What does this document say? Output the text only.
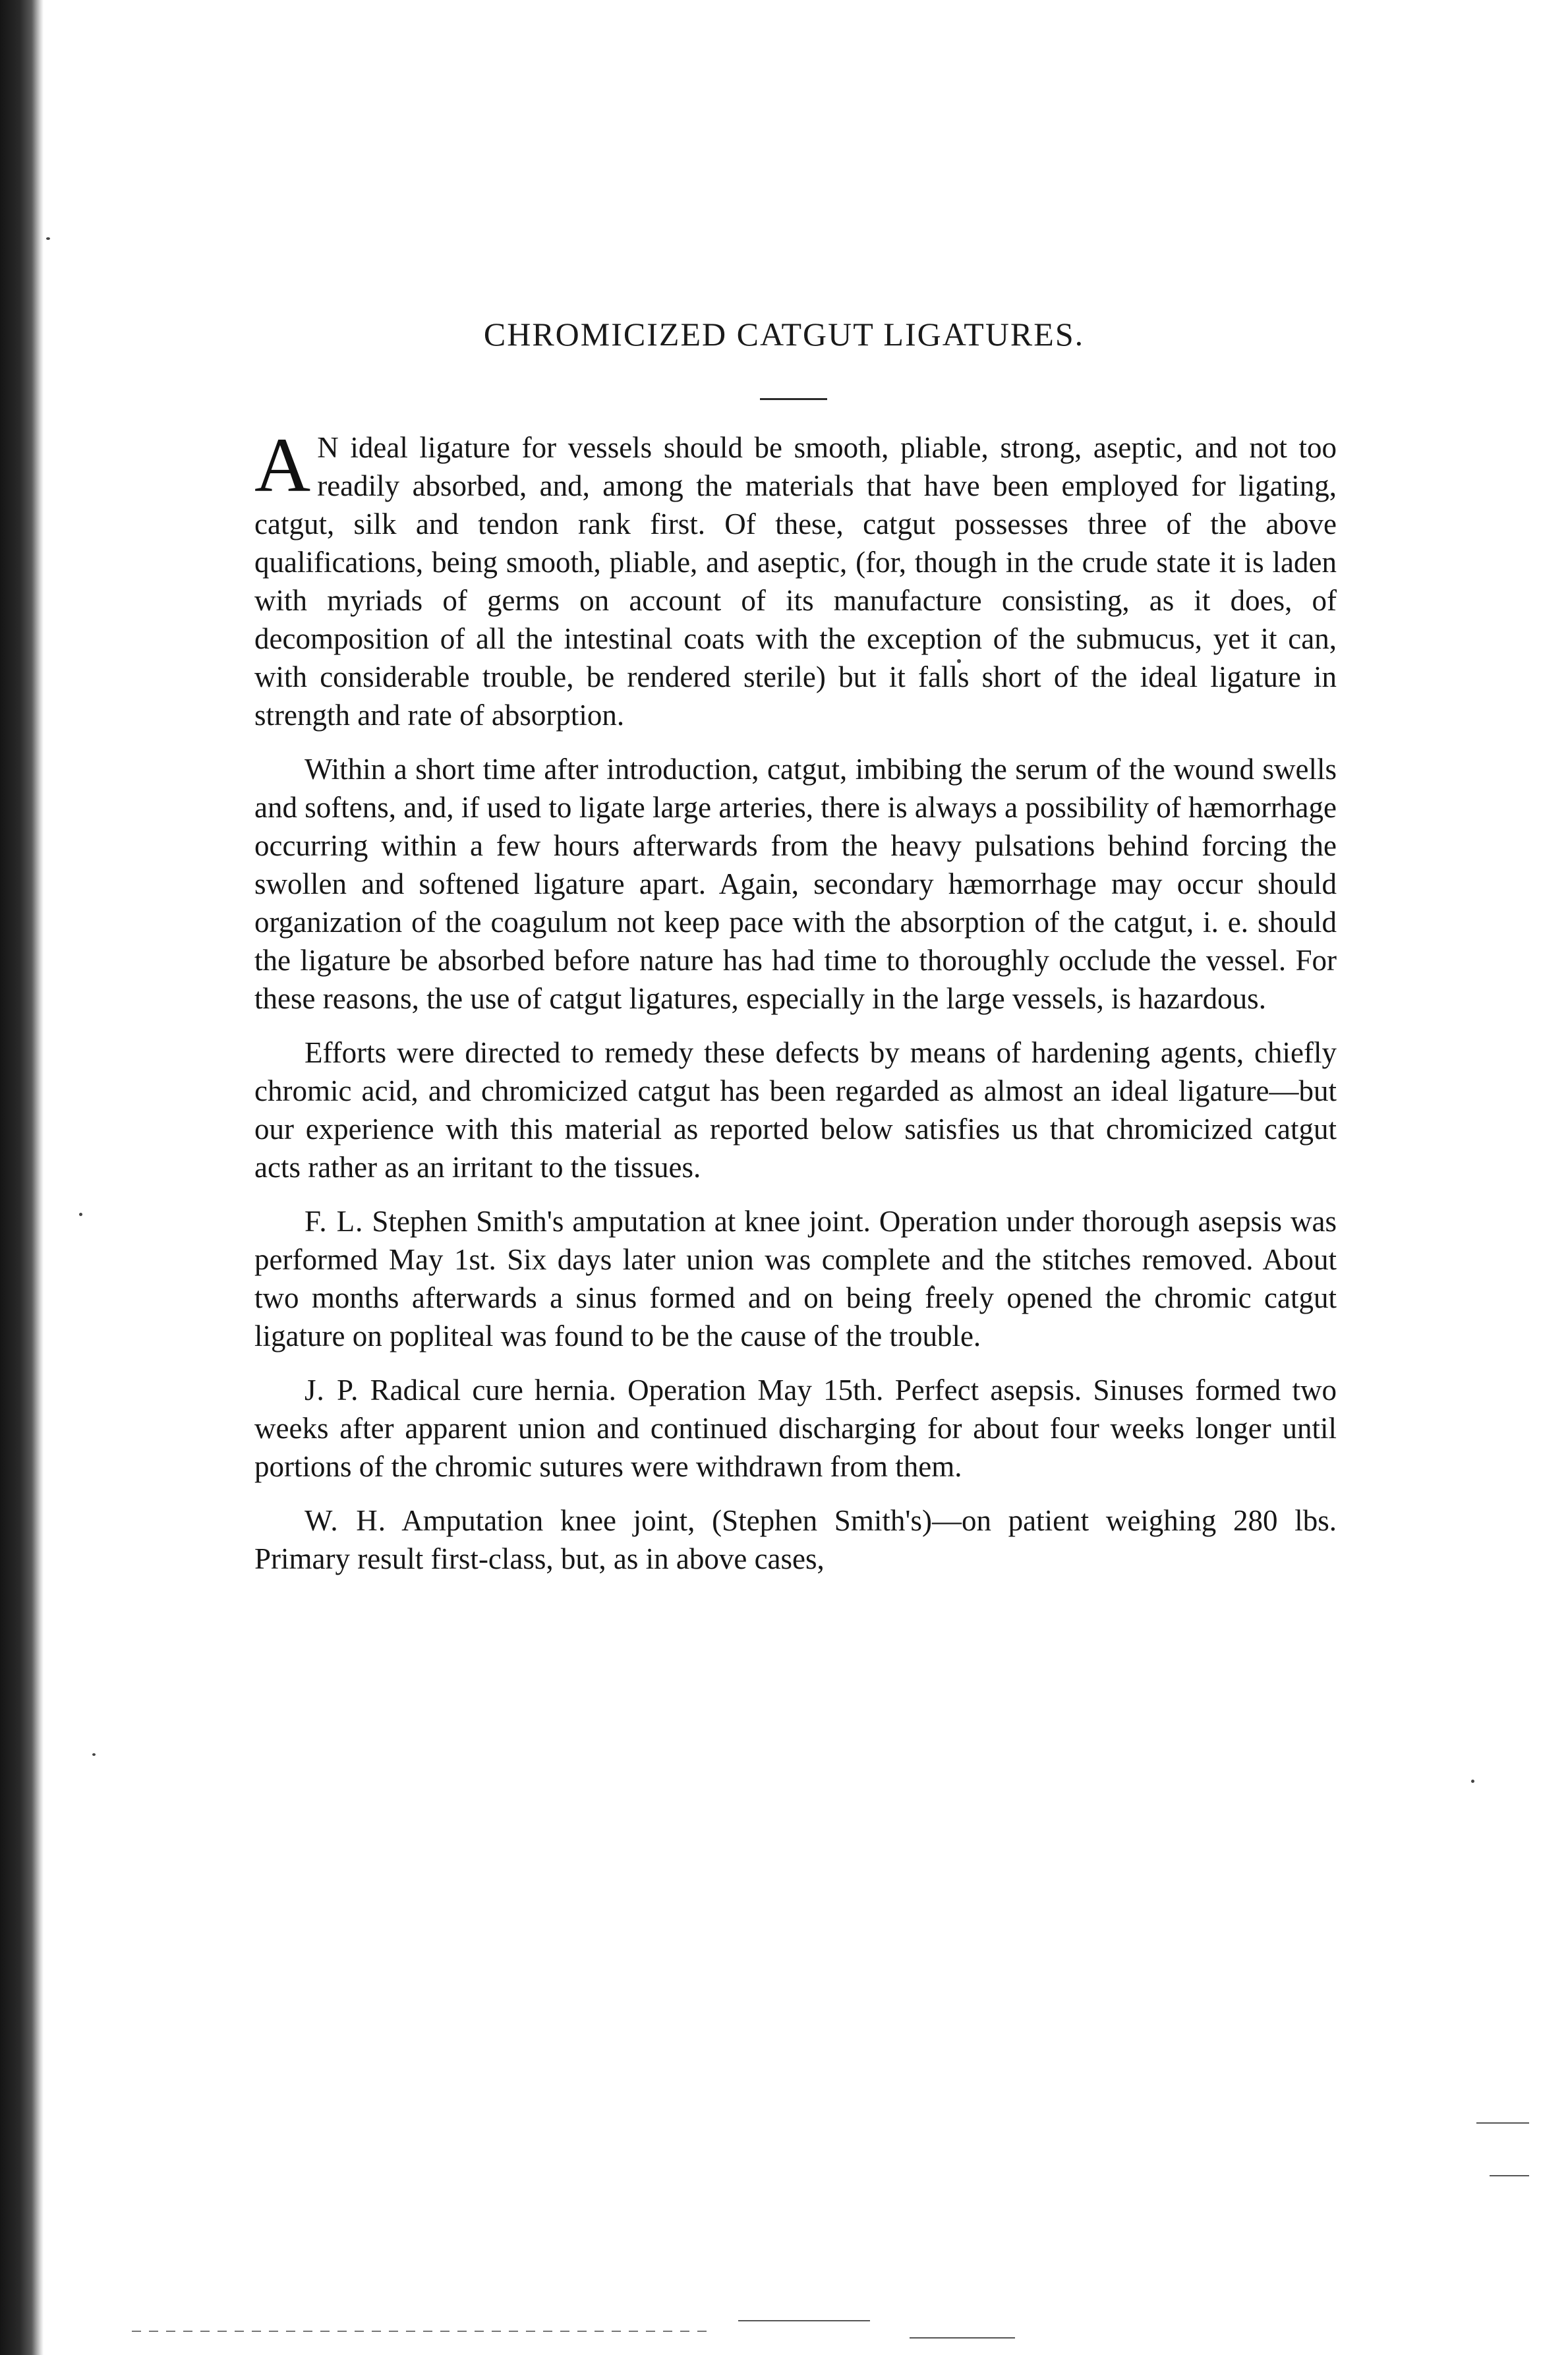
CHROMICIZED CATGUT LIGATURES.

A N ideal ligature for vessels should be smooth, pliable, strong, aseptic, and not too readily absorbed, and, among the materials that have been employed for ligating, catgut, silk and tendon rank first. Of these, catgut possesses three of the above qualifications, being smooth, pliable, and aseptic, (for, though in the crude state it is laden with myriads of germs on account of its manufacture consisting, as it does, of decomposition of all the intestinal coats with the exception of the submucus, yet it can, with considerable trouble, be rendered sterile) but it falls short of the ideal ligature in strength and rate of absorption.

Within a short time after introduction, catgut, imbibing the serum of the wound swells and softens, and, if used to ligate large arteries, there is always a possibility of hæmorrhage occurring within a few hours afterwards from the heavy pulsations behind forcing the swollen and softened ligature apart. Again, secondary hæmorrhage may occur should organization of the coagulum not keep pace with the absorption of the catgut, i. e. should the ligature be absorbed before nature has had time to thoroughly occlude the vessel. For these reasons, the use of catgut ligatures, especially in the large vessels, is hazardous.

Efforts were directed to remedy these defects by means of hardening agents, chiefly chromic acid, and chromicized catgut has been regarded as almost an ideal ligature—but our experience with this material as reported below satisfies us that chromicized catgut acts rather as an irritant to the tissues.

F. L. Stephen Smith's amputation at knee joint. Operation under thorough asepsis was performed May 1st. Six days later union was complete and the stitches removed. About two months afterwards a sinus formed and on being freely opened the chromic catgut ligature on popliteal was found to be the cause of the trouble.

J. P. Radical cure hernia. Operation May 15th. Perfect asepsis. Sinuses formed two weeks after apparent union and continued discharging for about four weeks longer until portions of the chromic sutures were withdrawn from them.

W. H. Amputation knee joint, (Stephen Smith's)—on patient weighing 280 lbs. Primary result first-class, but, as in above cases,
